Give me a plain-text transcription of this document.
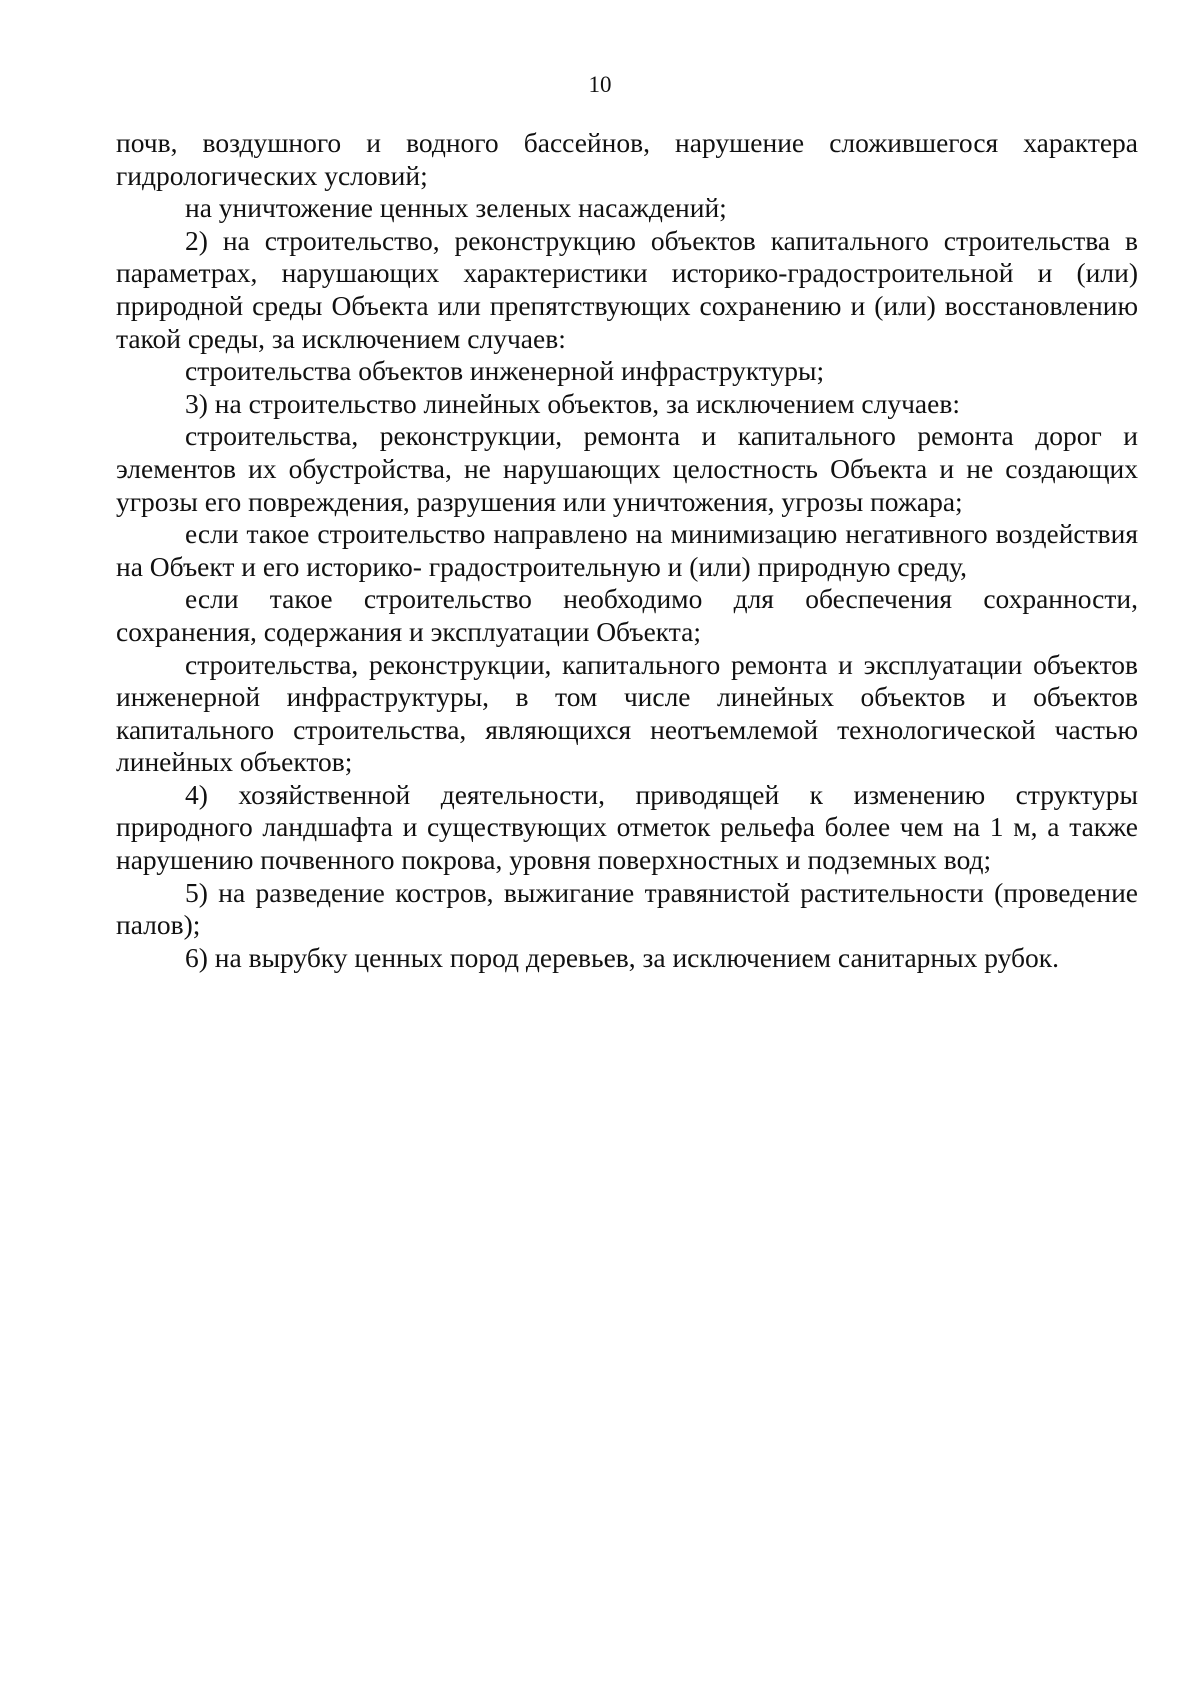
10

почв, воздушного и водного бассейнов, нарушение сложившегося характера гидрологических условий;

на уничтожение ценных зеленых насаждений;

2) на строительство, реконструкцию объектов капитального строительства в параметрах, нарушающих характеристики историко-градостроительной и (или) природной среды Объекта или препятствующих сохранению и (или) восстановлению такой среды, за исключением случаев:

строительства объектов инженерной инфраструктуры;

3) на строительство линейных объектов, за исключением случаев:

строительства, реконструкции, ремонта и капитального ремонта дорог и элементов их обустройства, не нарушающих целостность Объекта и не создающих угрозы его повреждения, разрушения или уничтожения, угрозы пожара;

если такое строительство направлено на минимизацию негативного воздействия на Объект и его историко- градостроительную и (или) природную среду,

если такое строительство необходимо для обеспечения сохранности, сохранения, содержания и эксплуатации Объекта;

строительства, реконструкции, капитального ремонта и эксплуатации объектов инженерной инфраструктуры, в том числе линейных объектов и объектов капитального строительства, являющихся неотъемлемой технологической частью линейных объектов;

4) хозяйственной деятельности, приводящей к изменению структуры природного ландшафта и существующих отметок рельефа более чем на 1 м, а также нарушению почвенного покрова, уровня поверхностных и подземных вод;

5) на разведение костров, выжигание травянистой растительности (проведение палов);

6) на вырубку ценных пород деревьев, за исключением санитарных рубок.
